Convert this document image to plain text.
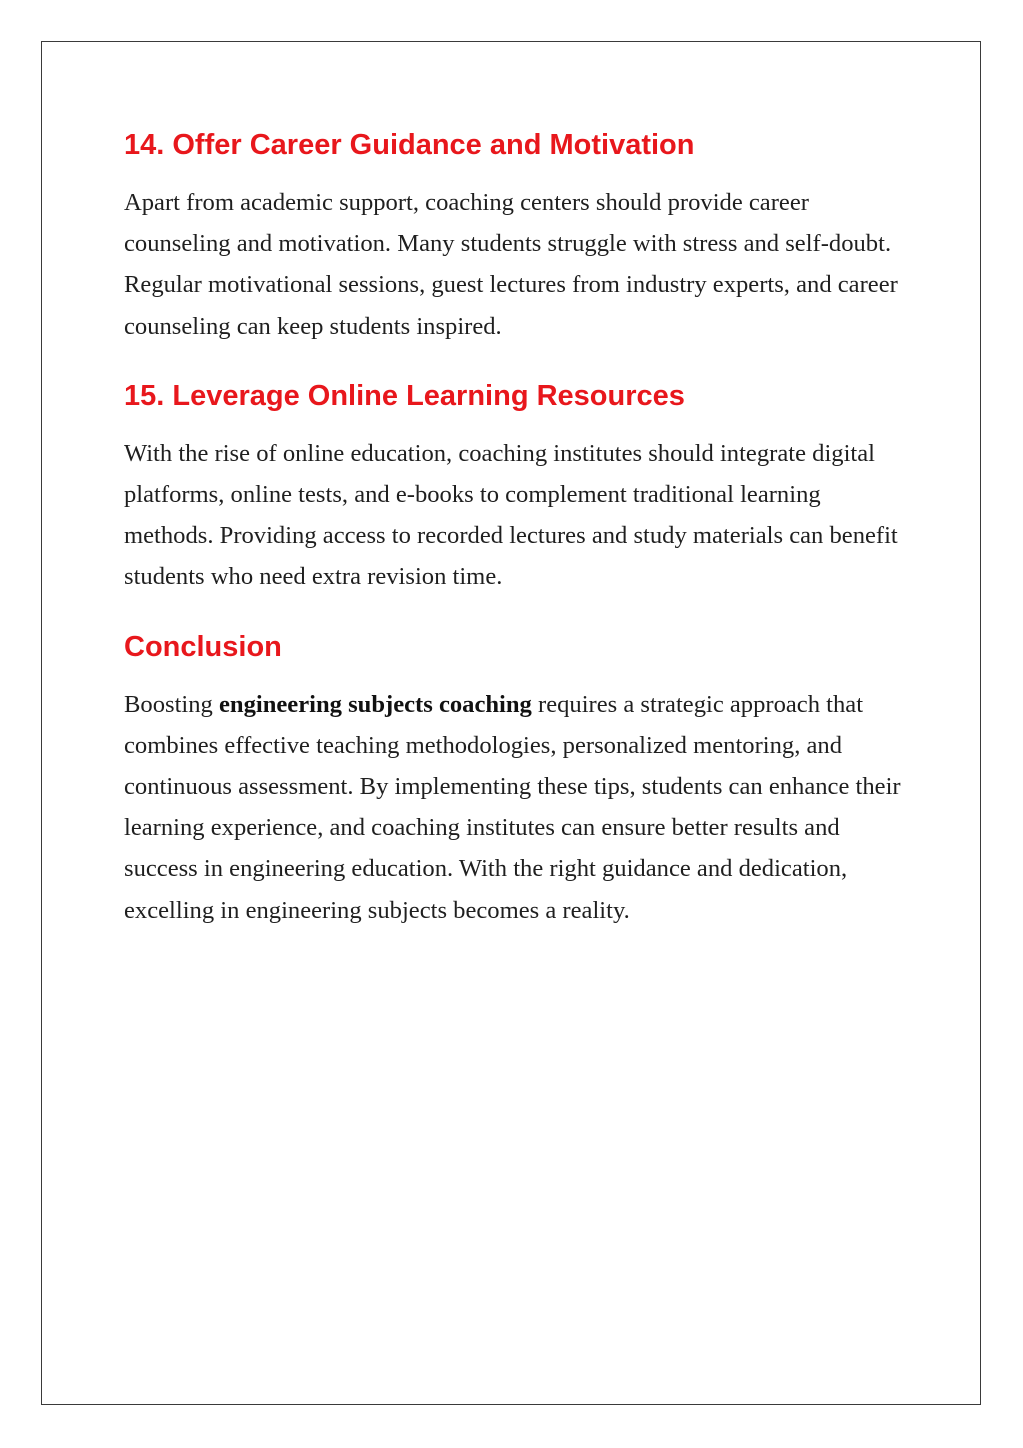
14. Offer Career Guidance and Motivation

Apart from academic support, coaching centers should provide career counseling and motivation. Many students struggle with stress and self-doubt. Regular motivational sessions, guest lectures from industry experts, and career counseling can keep students inspired.

15. Leverage Online Learning Resources

With the rise of online education, coaching institutes should integrate digital platforms, online tests, and e-books to complement traditional learning methods. Providing access to recorded lectures and study materials can benefit students who need extra revision time.

Conclusion

Boosting engineering subjects coaching requires a strategic approach that combines effective teaching methodologies, personalized mentoring, and continuous assessment. By implementing these tips, students can enhance their learning experience, and coaching institutes can ensure better results and success in engineering education. With the right guidance and dedication, excelling in engineering subjects becomes a reality.
